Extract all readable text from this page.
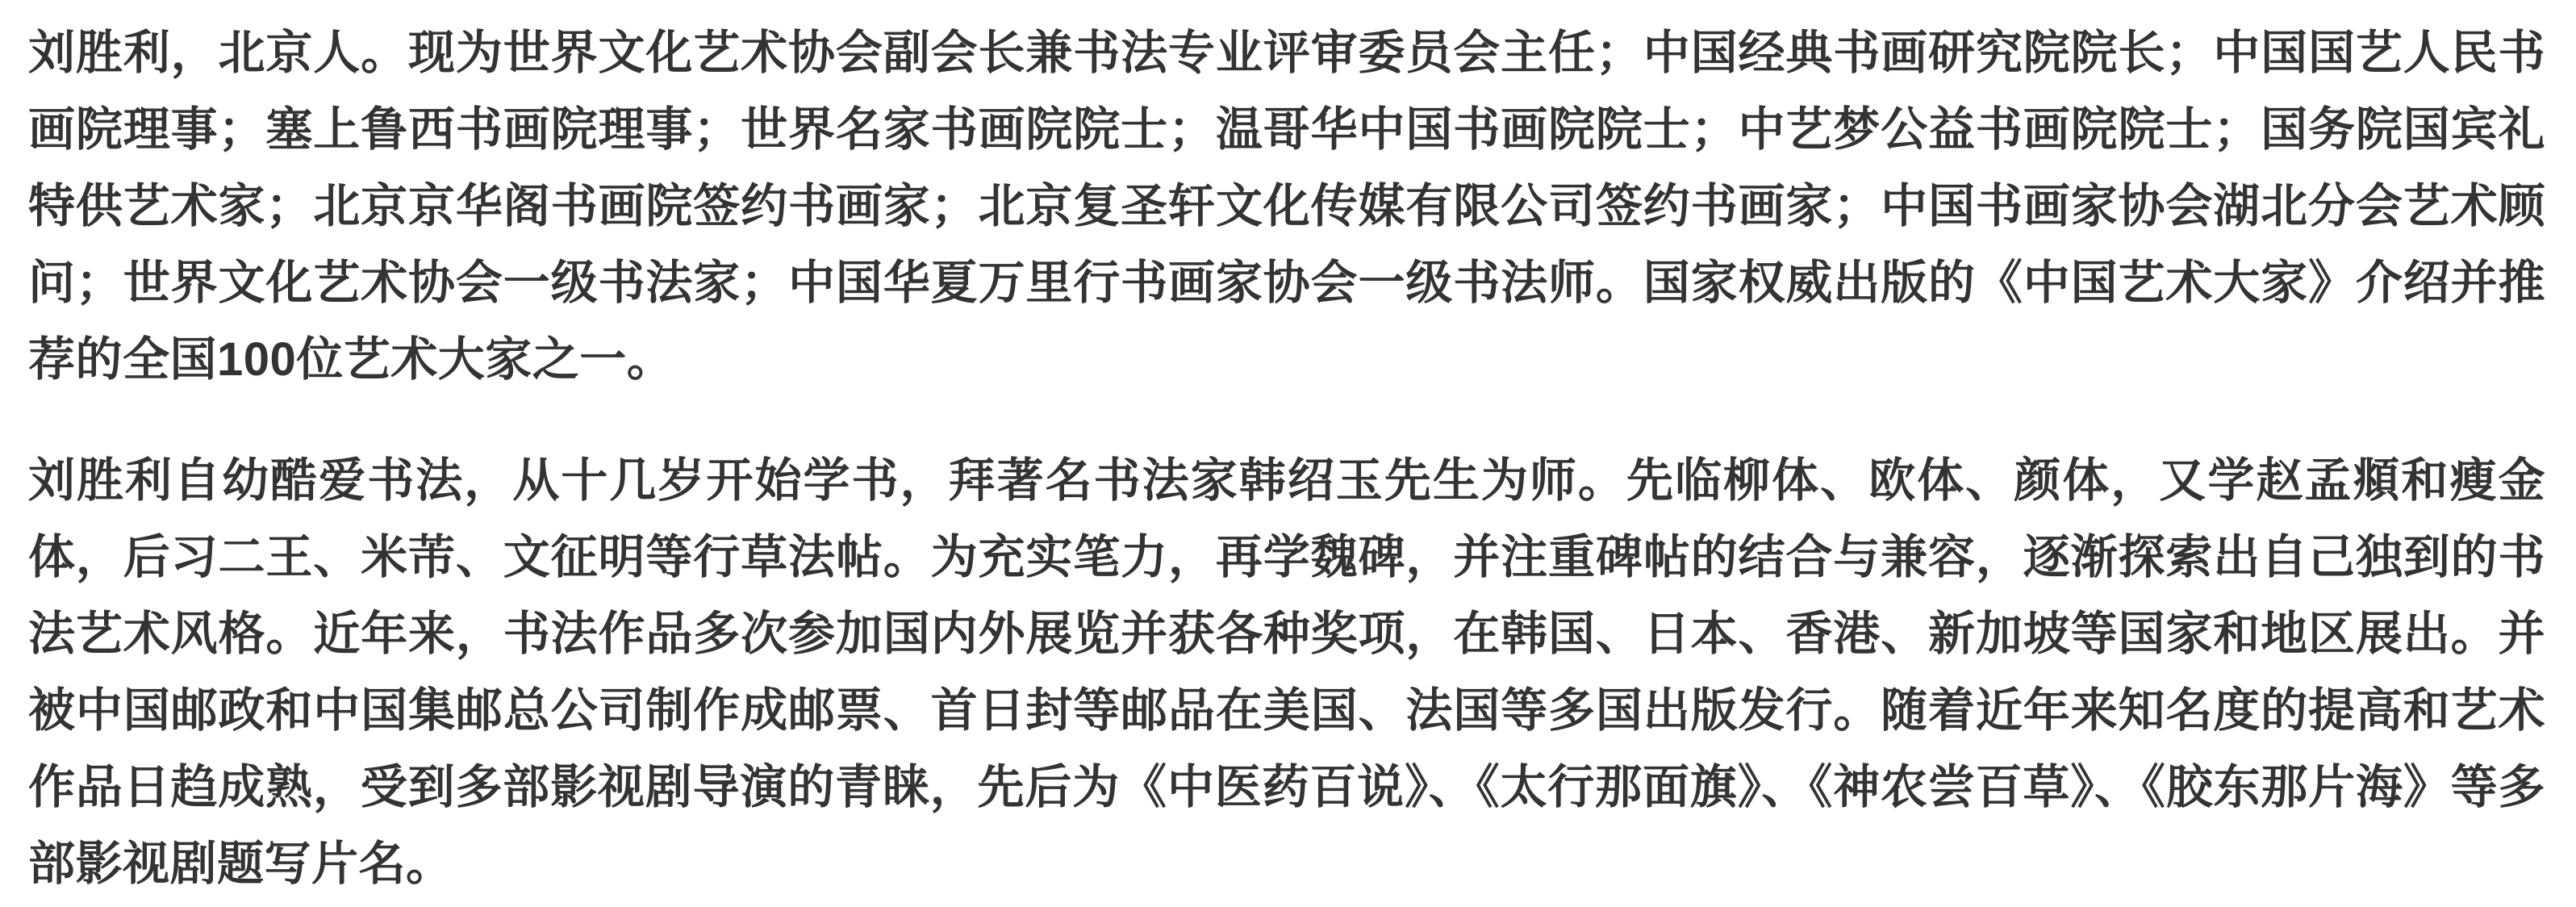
刘胜利，北京人。现为世界文化艺术协会副会长兼书法专业评审委员会主任；中国经典书画研究院院长；中国国艺人民书画院理事；塞上鲁西书画院理事；世界名家书画院院士；温哥华中国书画院院士；中艺梦公益书画院院士；国务院国宾礼特供艺术家；北京京华阁书画院签约书画家；北京复圣轩文化传媒有限公司签约书画家；中国书画家协会湖北分会艺术顾问；世界文化艺术协会一级书法家；中国华夏万里行书画家协会一级书法师。国家权威出版的《中国艺术大家》介绍并推荐的全国100位艺术大家之一。

刘胜利自幼酷爱书法，从十几岁开始学书，拜著名书法家韩绍玉先生为师。先临柳体、欧体、颜体，又学赵孟頫和瘦金体，后习二王、米芾、文征明等行草法帖。为充实笔力，再学魏碑，并注重碑帖的结合与兼容，逐渐探索出自己独到的书法艺术风格。近年来，书法作品多次参加国内外展览并获各种奖项，在韩国、日本、香港、新加坡等国家和地区展出。并被中国邮政和中国集邮总公司制作成邮票、首日封等邮品在美国、法国等多国出版发行。随着近年来知名度的提高和艺术作品日趋成熟，受到多部影视剧导演的青睐，先后为《中医药百说》、《太行那面旗》、《神农尝百草》、《胶东那片海》等多部影视剧题写片名。
